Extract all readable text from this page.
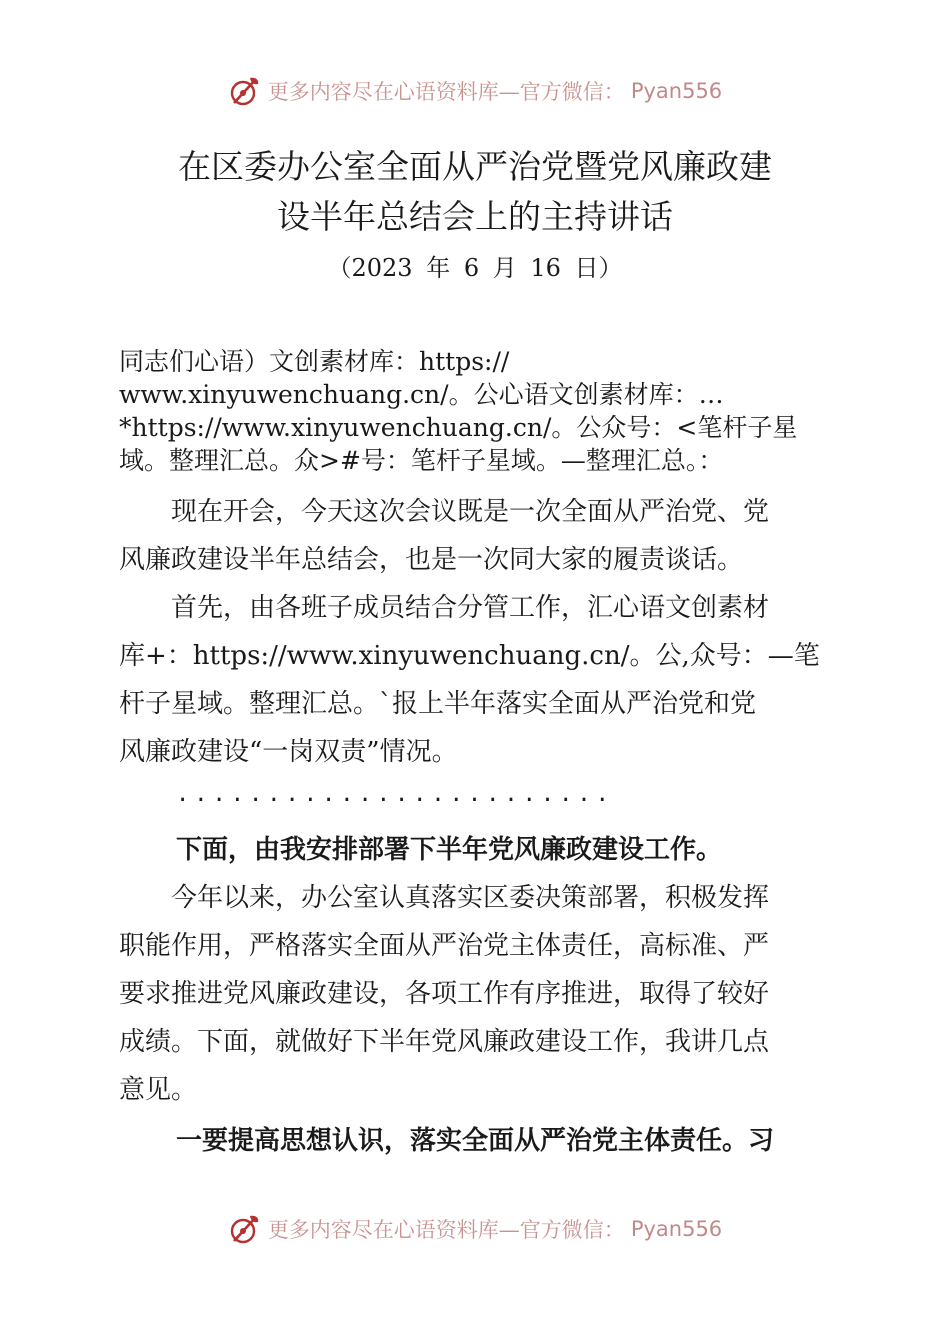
更多内容尽在心语资料库—官方微信： Pyan556
在区委办公室全面从严治党暨党风廉政建
设半年总结会上的主持讲话
（2023 年 6 月 16 日）
同志们心语）文创素材库：https://
www.xinyuwenchuang.cn/。公心语文创素材库：…
*https://www.xinyuwenchuang.cn/。公众号：<笔杆子星
域。整理汇总。众>#号：笔杆子星域。—整理汇总。：
　　现在开会，今天这次会议既是一次全面从严治党、党
风廉政建设半年总结会，也是一次同大家的履责谈话。
　　首先，由各班子成员结合分管工作，汇心语文创素材
库+：https://www.xinyuwenchuang.cn/。公,众号：—笔
杆子星域。整理汇总。`报上半年落实全面从严治党和党
风廉政建设“一岗双责”情况。
........................
下面，由我安排部署下半年党风廉政建设工作。
　　今年以来，办公室认真落实区委决策部署，积极发挥
职能作用，严格落实全面从严治党主体责任，高标准、严
要求推进党风廉政建设，各项工作有序推进，取得了较好
成绩。下面，就做好下半年党风廉政建设工作，我讲几点
意见。
一要提高思想认识，落实全面从严治党主体责任。习
更多内容尽在心语资料库—官方微信： Pyan556
